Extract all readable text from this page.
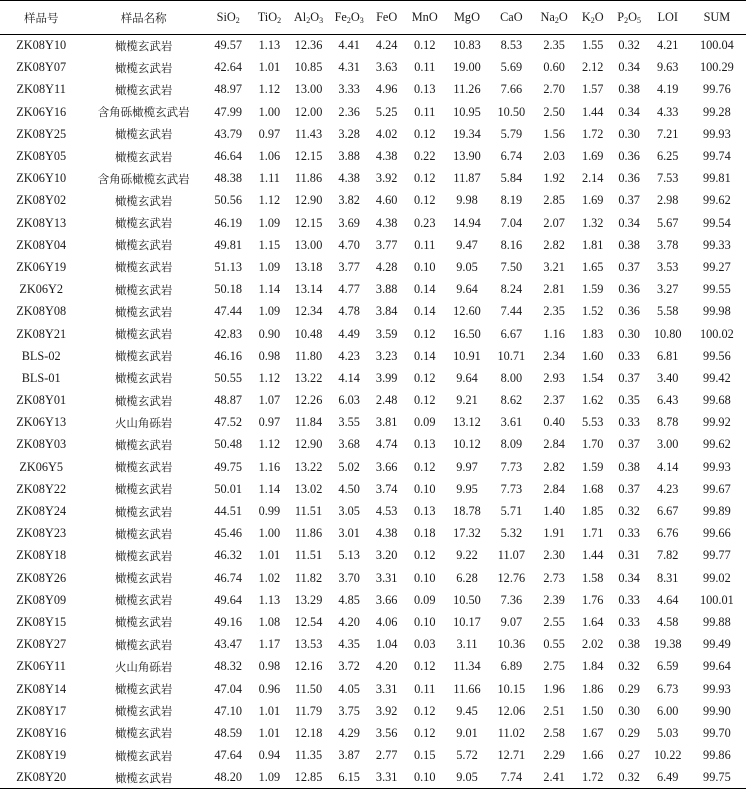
样品号	样品名称	SiO$_2$	TiO$_2$	$Al_2O_3$	$Fe_2O_3$	FeO	MnO	MgO	CaO	$Na_2O$	$K_2O$	$P_2O_5$	LOI	SUM
ZK08Y10	橄榄玄武岩	49.57	1.13	12.36	4.41	4.24	0.12	10.83	8.53	2.35	1.55	0.32	4.21	100.04
ZK08Y07	橄榄玄武岩	42.64	1.01	10.85	4.31	3.63	0.11	19.00	5.69	0.60	2.12	0.34	9.63	100.29
ZK08Y11	橄榄玄武岩	48.97	1.12	13.00	3.33	4.96	0.13	11.26	7.66	2.70	1.57	0.38	4.19	99.76
ZK06Y16	含角砾橄榄玄武岩	47.99	1.00	12.00	2.36	5.25	0.11	10.95	10.50	2.50	1.44	0.34	4.33	99.28
ZK08Y25	橄榄玄武岩	43.79	0.97	11.43	3.28	4.02	0.12	19.34	5.79	1.56	1.72	0.30	7.21	99.93
ZK08Y05	橄榄玄武岩	46.64	1.06	12.15	3.88	4.38	0.22	13.90	6.74	2.03	1.69	0.36	6.25	99.74
ZK06Y10	含角砾橄榄玄武岩	48.38	1.11	11.86	4.38	3.92	0.12	11.87	5.84	1.92	2.14	0.36	7.53	99.81
ZK08Y02	橄榄玄武岩	50.56	1.12	12.90	3.82	4.60	0.12	9.98	8.19	2.85	1.69	0.37	2.98	99.62
ZK08Y13	橄榄玄武岩	46.19	1.09	12.15	3.69	4.38	0.23	14.94	7.04	2.07	1.32	0.34	5.67	99.54
ZK08Y04	橄榄玄武岩	49.81	1.15	13.00	4.70	3.77	0.11	9.47	8.16	2.82	1.81	0.38	3.78	99.33
ZK06Y19	橄榄玄武岩	51.13	1.09	13.18	3.77	4.28	0.10	9.05	7.50	3.21	1.65	0.37	3.53	99.27
ZK06Y2	橄榄玄武岩	50.18	1.14	13.14	4.77	3.88	0.14	9.64	8.24	2.81	1.59	0.36	3.27	99.55
ZK08Y08	橄榄玄武岩	47.44	1.09	12.34	4.78	3.84	0.14	12.60	7.44	2.35	1.52	0.36	5.58	99.98
ZK08Y21	橄榄玄武岩	42.83	0.90	10.48	4.49	3.59	0.12	16.50	6.67	1.16	1.83	0.30	10.80	100.02
BLS-02	橄榄玄武岩	46.16	0.98	11.80	4.23	3.23	0.14	10.91	10.71	2.34	1.60	0.33	6.81	99.56
BLS-01	橄榄玄武岩	50.55	1.12	13.22	4.14	3.99	0.12	9.64	8.00	2.93	1.54	0.37	3.40	99.42
ZK08Y01	橄榄玄武岩	48.87	1.07	12.26	6.03	2.48	0.12	9.21	8.62	2.37	1.62	0.35	6.43	99.68
ZK06Y13	火山角砾岩	47.52	0.97	11.84	3.55	3.81	0.09	13.12	3.61	0.40	5.53	0.33	8.78	99.92
ZK08Y03	橄榄玄武岩	50.48	1.12	12.90	3.68	4.74	0.13	10.12	8.09	2.84	1.70	0.37	3.00	99.62
ZK06Y5	橄榄玄武岩	49.75	1.16	13.22	5.02	3.66	0.12	9.97	7.73	2.82	1.59	0.38	4.14	99.93
ZK08Y22	橄榄玄武岩	50.01	1.14	13.02	4.50	3.74	0.10	9.95	7.73	2.84	1.68	0.37	4.23	99.67
ZK08Y24	橄榄玄武岩	44.51	0.99	11.51	3.05	4.53	0.13	18.78	5.71	1.40	1.85	0.32	6.67	99.89
ZK08Y23	橄榄玄武岩	45.46	1.00	11.86	3.01	4.38	0.18	17.32	5.32	1.91	1.71	0.33	6.76	99.66
ZK08Y18	橄榄玄武岩	46.32	1.01	11.51	5.13	3.20	0.12	9.22	11.07	2.30	1.44	0.31	7.82	99.77
ZK08Y26	橄榄玄武岩	46.74	1.02	11.82	3.70	3.31	0.10	6.28	12.76	2.73	1.58	0.34	8.31	99.02
ZK08Y09	橄榄玄武岩	49.64	1.13	13.29	4.85	3.66	0.09	10.50	7.36	2.39	1.76	0.33	4.64	100.01
ZK08Y15	橄榄玄武岩	49.16	1.08	12.54	4.20	4.06	0.10	10.17	9.07	2.55	1.64	0.33	4.58	99.88
ZK08Y27	橄榄玄武岩	43.47	1.17	13.53	4.35	1.04	0.03	3.11	10.36	0.55	2.02	0.38	19.38	99.49
ZK06Y11	火山角砾岩	48.32	0.98	12.16	3.72	4.20	0.12	11.34	6.89	2.75	1.84	0.32	6.59	99.64
ZK08Y14	橄榄玄武岩	47.04	0.96	11.50	4.05	3.31	0.11	11.66	10.15	1.96	1.86	0.29	6.73	99.93
ZK08Y17	橄榄玄武岩	47.10	1.01	11.79	3.75	3.92	0.12	9.45	12.06	2.51	1.50	0.30	6.00	99.90
ZK08Y16	橄榄玄武岩	48.59	1.01	12.18	4.29	3.56	0.12	9.01	11.02	2.58	1.67	0.29	5.03	99.70
ZK08Y19	橄榄玄武岩	47.64	0.94	11.35	3.87	2.77	0.15	5.72	12.71	2.29	1.66	0.27	10.22	99.86
ZK08Y20	橄榄玄武岩	48.20	1.09	12.85	6.15	3.31	0.10	9.05	7.74	2.41	1.72	0.32	6.49	99.75
